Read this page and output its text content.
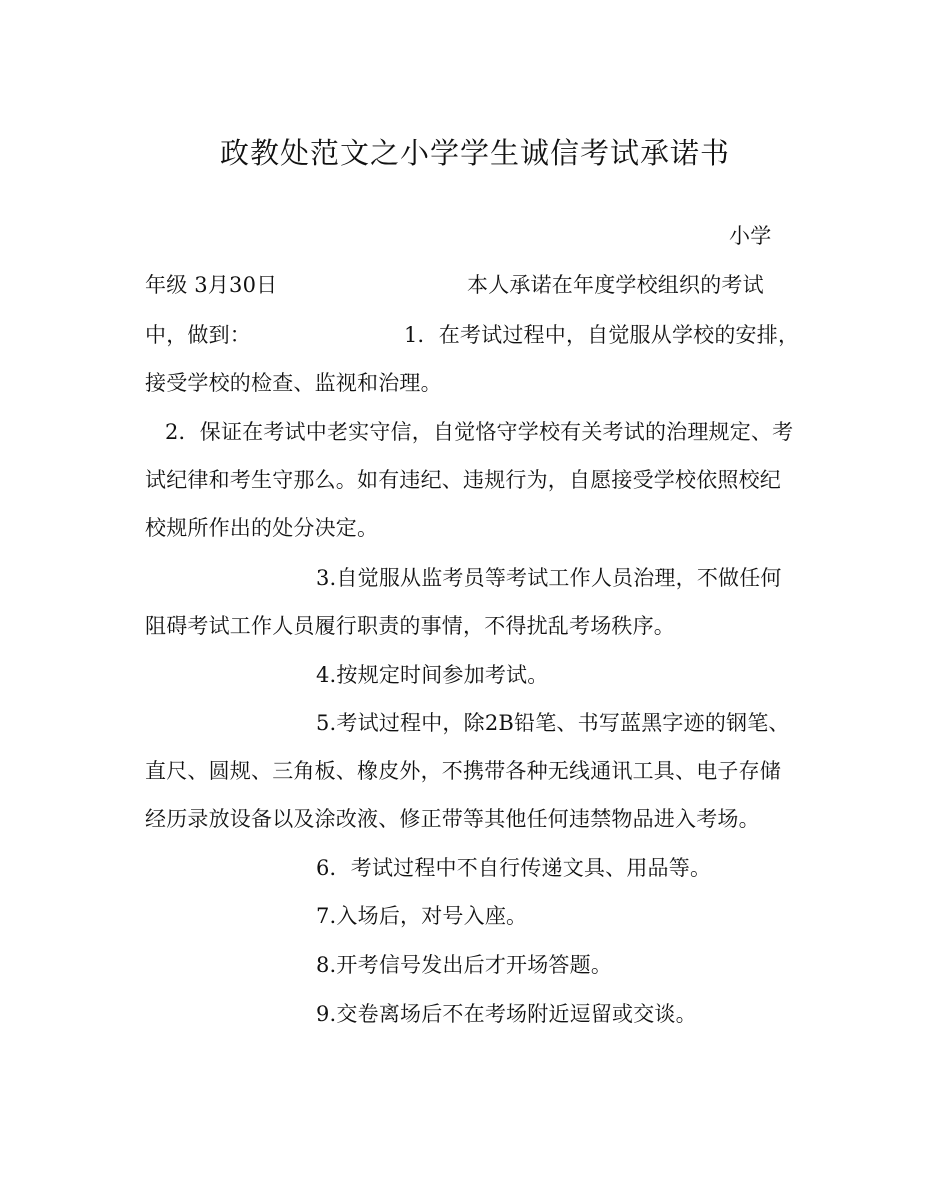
政教处范文之小学学生诚信考试承诺书
小学
年级 3月30日	本人承诺在年度学校组织的考试
中，做到：	1．在考试过程中，自觉服从学校的安排，
接受学校的检查、监视和治理。
2．保证在考试中老实守信，自觉恪守学校有关考试的治理规定、考
试纪律和考生守那么。如有违纪、违规行为，自愿接受学校依照校纪
校规所作出的处分决定。
3.自觉服从监考员等考试工作人员治理，不做任何
阻碍考试工作人员履行职责的事情，不得扰乱考场秩序。
4.按规定时间参加考试。
5.考试过程中，除2B铅笔、书写蓝黑字迹的钢笔、
直尺、圆规、三角板、橡皮外，不携带各种无线通讯工具、电子存储
经历录放设备以及涂改液、修正带等其他任何违禁物品进入考场。
6．考试过程中不自行传递文具、用品等。
7.入场后，对号入座。
8.开考信号发出后才开场答题。
9.交卷离场后不在考场附近逗留或交谈。
